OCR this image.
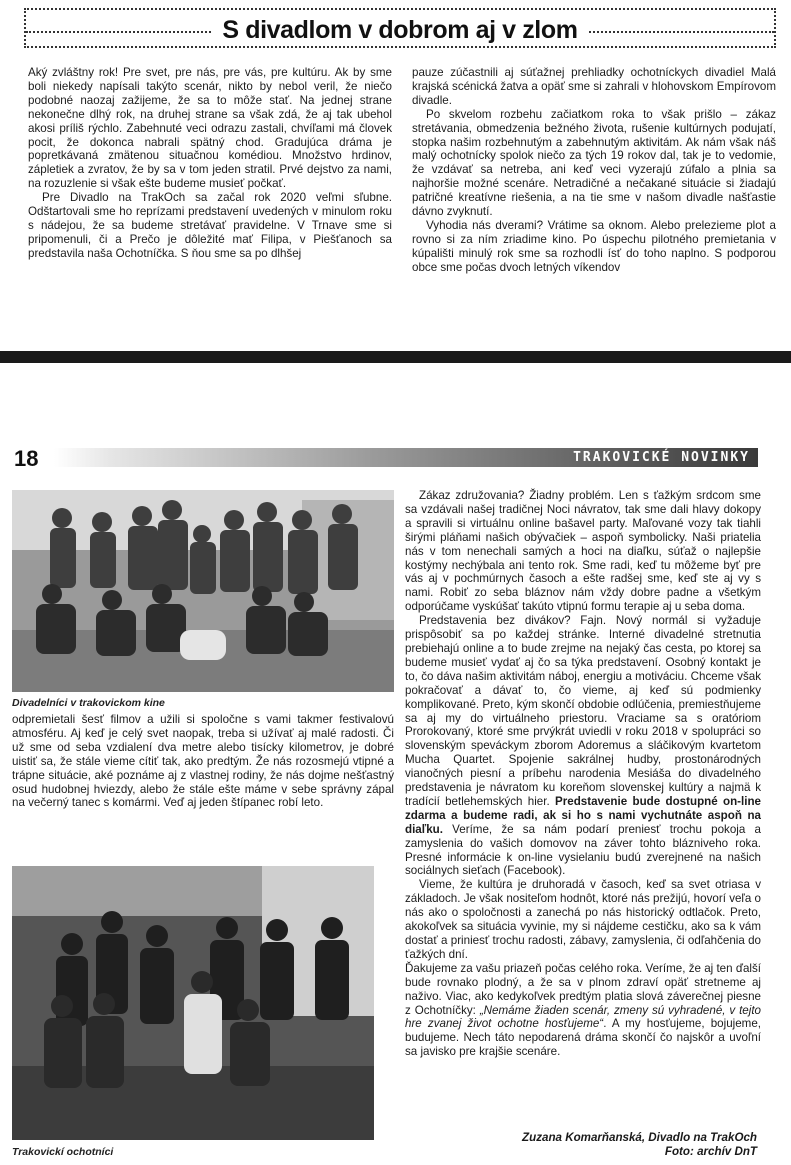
S divadlom v dobrom aj v zlom

Aký zvláštny rok! Pre svet, pre nás, pre vás, pre kultúru. Ak by sme boli niekedy napísali takýto scenár, nikto by nebol veril, že niečo podobné naozaj zažijeme, že sa to môže stať. Na jednej strane nekonečne dlhý rok, na druhej strane sa však zdá, že aj tak ubehol akosi príliš rýchlo. Zabehnuté veci odrazu zastali, chvíľami má človek pocit, že dokonca nabrali spätný chod. Gradujúca dráma je popretkávaná zmätenou situačnou komédiou. Množstvo hrdinov, zápletiek a zvratov, že by sa v tom jeden stratil. Prvé dejstvo za nami, na rozuzlenie si však ešte budeme musieť počkať.

Pre Divadlo na TrakOch sa začal rok 2020 veľmi sľubne. Odštartovali sme ho reprízami predstavení uvedených v minulom roku s nádejou, že sa budeme stretávať pravidelne. V Trnave sme si pripomenuli, či a Prečo je dôležité mať Filipa, v Piešťanoch sa predstavila naša Ochotníčka. S ňou sme sa po dlhšej

pauze zúčastnili aj súťažnej prehliadky ochotníckych divadiel Malá krajská scénická žatva a opäť sme si zahrali v hlohovskom Empírovom divadle.

Po skvelom rozbehu začiatkom roka to však prišlo – zákaz stretávania, obmedzenia bežného života, rušenie kultúrnych podujatí, stopka našim rozbehnutým a zabehnutým aktivitám. Ak nám však náš malý ochotnícky spolok niečo za tých 19 rokov dal, tak je to vedomie, že vzdávať sa netreba, ani keď veci vyzerajú zúfalo a plnia sa najhoršie možné scenáre. Netradičné a nečakané situácie si žiadajú patričné kreatívne riešenia, a na tie sme v našom divadle našťastie dávno zvyknutí.

Vyhodia nás dverami? Vrátime sa oknom. Alebo prelezieme plot a rovno si za ním zriadime kino. Po úspechu pilotného premietania v kúpališti minulý rok sme sa rozhodli ísť do toho naplno. S podporou obce sme počas dvoch letných víkendov

18	TRAKOVICKÉ NOVINKY
Divadelníci v trakovickom kine

odpremietali šesť filmov a užili si spoločne s vami takmer festivalovú atmosféru. Aj keď je celý svet naopak, treba si užívať aj malé radosti. Či už sme od seba vzdialení dva metre alebo tisícky kilometrov, je dobré uistiť sa, že stále vieme cítiť tak, ako predtým. Že nás rozosmejú vtipné a trápne situácie, aké poznáme aj z vlastnej rodiny, že nás dojme nešťastný osud hudobnej hviezdy, alebo že stále ešte máme v sebe správny zápal na večerný tanec s komármi. Veď aj jeden štípanec robí leto.

Trakovickí ochotníci

Zákaz združovania? Žiadny problém. Len s ťažkým srdcom sme sa vzdávali našej tradičnej Noci návratov, tak sme dali hlavy dokopy a spravili si virtuálnu online bašavel party. Maľované vozy tak tiahli širými pláňami našich obývačiek – aspoň symbolicky. Naši priatelia nás v tom nenechali samých a hoci na diaľku, súťaž o najlepšie kostýmy nechýbala ani tento rok. Sme radi, keď tu môžeme byť pre vás aj v pochmúrnych časoch a ešte radšej sme, keď ste aj vy s nami. Robiť zo seba bláznov nám vždy dobre padne a všetkým odporúčame vyskúšať takúto vtipnú formu terapie aj u seba doma.

Predstavenia bez divákov? Fajn. Nový normál si vyžaduje prispôsobiť sa po každej stránke. Interné divadelné stretnutia prebiehajú online a to bude zrejme na nejaký čas cesta, po ktorej sa budeme musieť vydať aj čo sa týka predstavení. Osobný kontakt je to, čo dáva našim aktivitám náboj, energiu a motiváciu. Chceme však pokračovať a dávať to, čo vieme, aj keď sú podmienky komplikované. Preto, kým skončí obdobie odlúčenia, premiestňujeme sa aj my do virtuálneho priestoru. Vraciame sa s oratóriom Prorokovaný, ktoré sme prvýkrát uviedli v roku 2018 v spolupráci so slovenským speváckym zborom Adoremus a sláčikovým kvartetom Mucha Quartet. Spojenie sakrálnej hudby, prostonárodných vianočných piesní a príbehu narodenia Mesiáša do divadelného predstavenia je návratom ku koreňom slovenskej kultúry a najmä k tradícií betlehemských hier. Predstavenie bude dostupné on-line zdarma a budeme radi, ak si ho s nami vychutnáte aspoň na diaľku. Veríme, že sa nám podarí preniesť trochu pokoja a zamyslenia do vašich domovov na záver tohto blázniveho roka. Presné informácie k on-line vysielaniu budú zverejnené na našich sociálnych sieťach (Facebook).

Vieme, že kultúra je druhoradá v časoch, keď sa svet otriasa v základoch. Je však nositeľom hodnôt, ktoré nás prežijú, hovorí veľa o nás ako o spoločnosti a zanechá po nás historický odtlačok. Preto, akokoľvek sa situácia vyvinie, my si nájdeme cestičku, ako sa k vám dostať a priniesť trochu radosti, zábavy, zamyslenia, či odľahčenia do ťažkých dní.

Ďakujeme za vašu priazeň počas celého roka. Veríme, že aj ten ďalší bude rovnako plodný, a že sa v plnom zdraví opäť stretneme aj naživo. Viac, ako kedykoľvek predtým platia slová záverečnej piesne z Ochotníčky: „Nemáme žiaden scenár, zmeny sú vyhradené, v tejto hre zvanej život ochotne hosťujeme“. A my hosťujeme, bojujeme, budujeme. Nech táto nepodarená dráma skončí čo najskôr a uvoľní sa javisko pre krajšie scenáre.

Zuzana Komarňanská, Divadlo na TrakOch
Foto: archív DnT
